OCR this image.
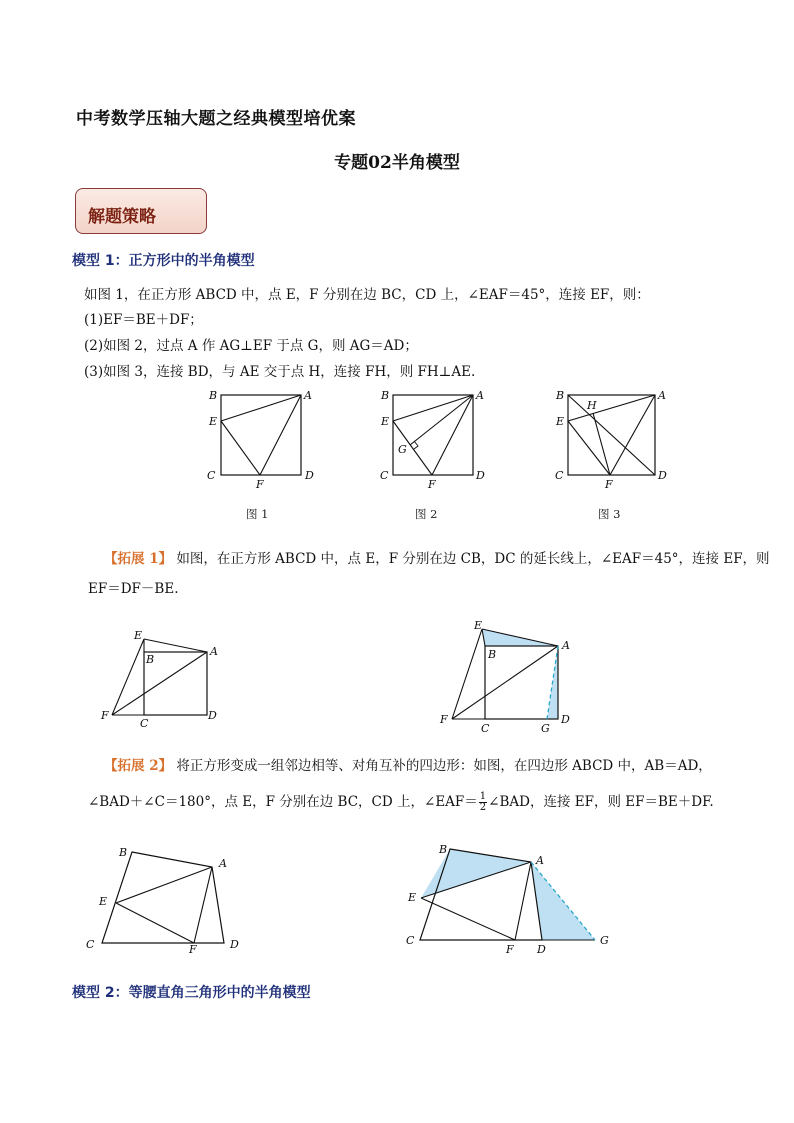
中考数学压轴大题之经典模型培优案
专题02半角模型
解题策略
模型 1：正方形中的半角模型
如图 1，在正方形 ABCD 中，点 E，F 分别在边 BC，CD 上，∠EAF＝45°，连接 EF，则：
(1)EF＝BE＋DF；
(2)如图 2，过点 A 作 AG⊥EF 于点 G，则 AG＝AD；
(3)如图 3，连接 BD，与 AE 交于点 H，连接 FH，则 FH⊥AE.
B	A
E
C	D
F
图 1
B	A
E
G
C	D
F
图 2
B	A
H
E
C	D
F
图 3
【拓展 1】 如图，在正方形 ABCD 中，点 E，F 分别在边 CB，DC 的延长线上，∠EAF＝45°，连接 EF，则
EF＝DF－BE.
E
B
A
F
C
D
E
B
A
F
C	G
D
【拓展 2】 将正方形变成一组邻边相等、对角互补的四边形：如图，在四边形 ABCD 中，AB＝AD，
∠BAD＋∠C＝180°，点 E，F 分别在边 BC，CD 上，∠EAF＝ $\frac{1}{2}$ ∠BAD，连接 EF，则 EF＝BE＋DF.
B
A
E
C	F	D
B
A
E
C
F D
G
模型 2：等腰直角三角形中的半角模型
